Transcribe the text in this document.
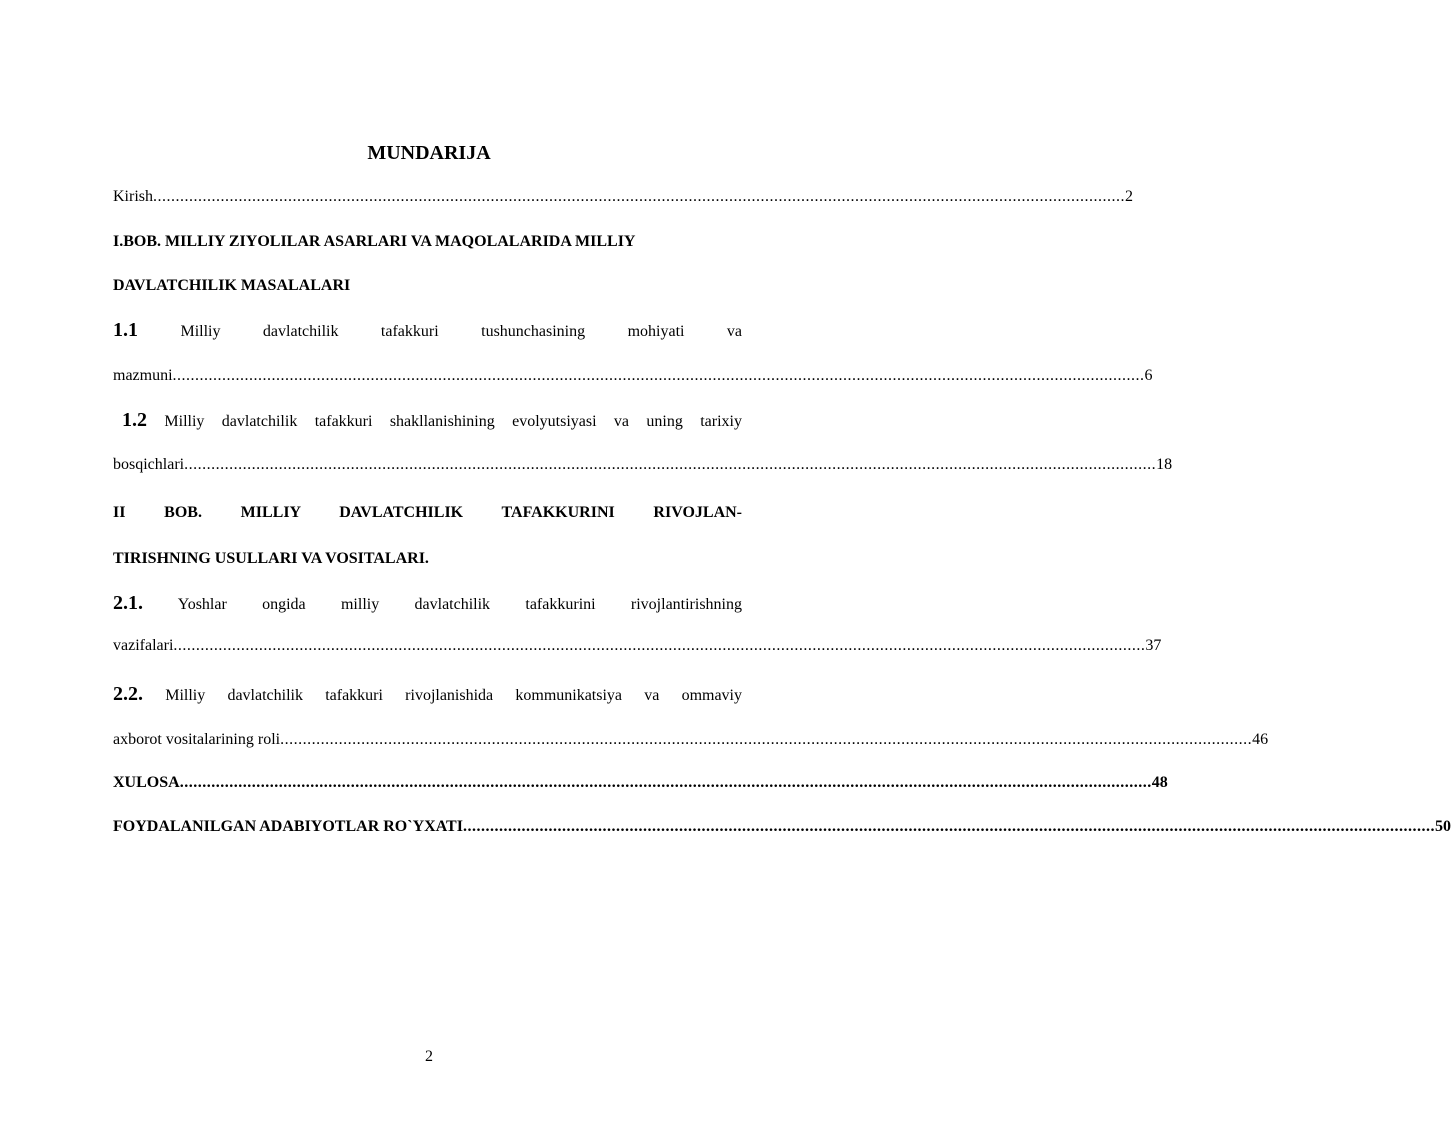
MUNDARIJA
Kirish ........................................................................................................................................................................................................................ 2
I.BOB. MILLIY ZIYOLILAR ASARLARI VA MAQOLALARIDA MILLIY
DAVLATCHILIK MASALALARI
1.1	Milliy davlatchilik tafakkuri tushunchasining mohiyati va
mazmuni ........................................................................................................................................................................................................................ 6
1.2 Milliy davlatchilik tafakkuri shakllanishining evolyutsiyasi va uning tarixiy
bosqichlari ........................................................................................................................................................................................................................ 18
II BOB. MILLIY DAVLATCHILIK TAFAKKURINI RIVOJLAN-
TIRISHNING USULLARI VA VOSITALARI.
2.1. Yoshlar ongida milliy davlatchilik tafakkurini rivojlantirishning
vazifalari ........................................................................................................................................................................................................................ 37
2.2. Milliy davlatchilik tafakkuri rivojlanishida kommunikatsiya va ommaviy
axborot vositalarining roli ........................................................................................................................................................................................................................ 46
XULOSA ........................................................................................................................................................................................................................ 48
FOYDALANILGAN ADABIYOTLAR RO`YXATI ........................................................................................................................................................................................................................ 50
2
